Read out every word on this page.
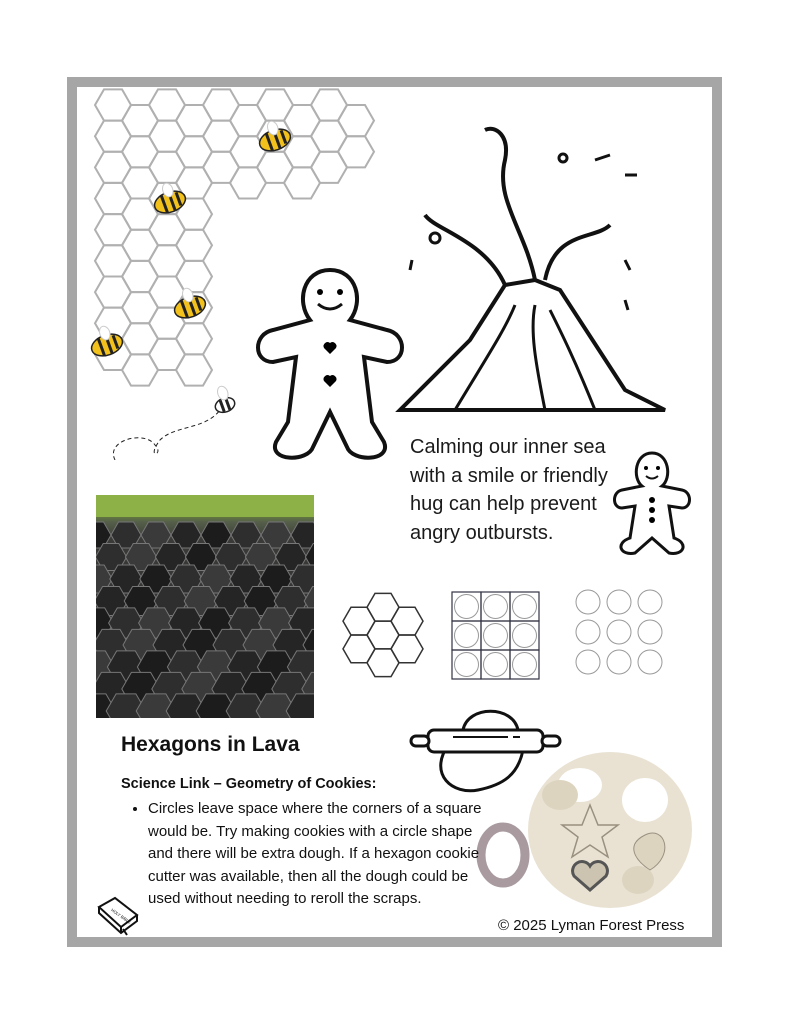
Calming our inner sea with a smile or friendly hug can help prevent angry outbursts.
Hexagons in Lava
Science Link – Geometry of Cookies:
• Circles leave space where the corners of a square would be. Try making cookies with a circle shape and there will be extra dough. If a hexagon cookie cutter was available, then all the dough could be used without needing to reroll the scraps.
HOLY BIBLE
© 2025 Lyman Forest Press
